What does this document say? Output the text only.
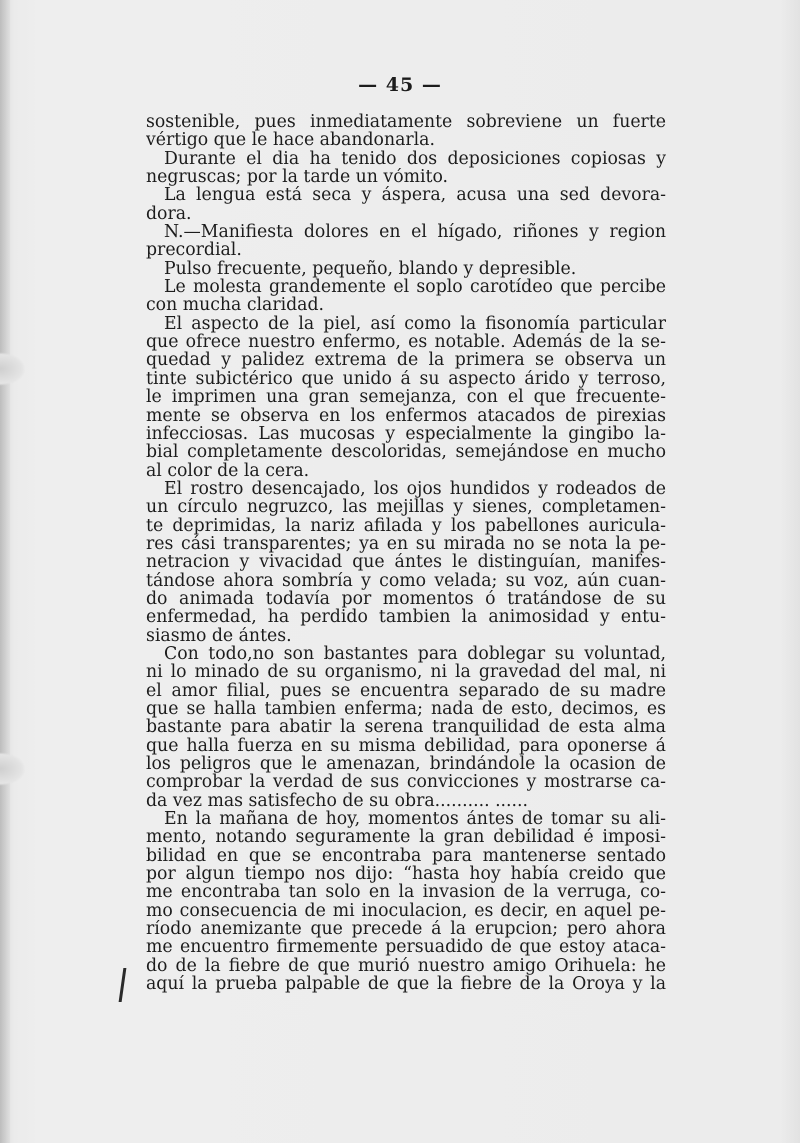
— 45 —
sostenible, pues inmediatamente sobreviene un fuerte
vértigo que le hace abandonarla.
Durante el dia ha tenido dos deposiciones copiosas y
negruscas; por la tarde un vómito.
La lengua está seca y áspera, acusa una sed devora-
dora.
N.—Manifiesta dolores en el hígado, riñones y region
precordial.
Pulso frecuente, pequeño, blando y depresible.
Le molesta grandemente el soplo carotídeo que percibe
con mucha claridad.
El aspecto de la piel, así como la fisonomía particular
que ofrece nuestro enfermo, es notable. Además de la se-
quedad y palidez extrema de la primera se observa un
tinte subictérico que unido á su aspecto árido y terroso,
le imprimen una gran semejanza, con el que frecuente-
mente se observa en los enfermos atacados de pirexias
infecciosas. Las mucosas y especialmente la gingibo la-
bial completamente descoloridas, semejándose en mucho
al color de la cera.
El rostro desencajado, los ojos hundidos y rodeados de
un círculo negruzco, las mejillas y sienes, completamen-
te deprimidas, la nariz afilada y los pabellones auricula-
res cási transparentes; ya en su mirada no se nota la pe-
netracion y vivacidad que ántes le distinguían, manifes-
tándose ahora sombría y como velada; su voz, aún cuan-
do animada todavía por momentos ó tratándose de su
enfermedad, ha perdido tambien la animosidad y entu-
siasmo de ántes.
Con todo,no son bastantes para doblegar su voluntad,
ni lo minado de su organismo, ni la gravedad del mal, ni
el amor filial, pues se encuentra separado de su madre
que se halla tambien enferma; nada de esto, decimos, es
bastante para abatir la serena tranquilidad de esta alma
que halla fuerza en su misma debilidad, para oponerse á
los peligros que le amenazan, brindándole la ocasion de
comprobar la verdad de sus convicciones y mostrarse ca-
da vez mas satisfecho de su obra.......... ......
En la mañana de hoy, momentos ántes de tomar su ali-
mento, notando seguramente la gran debilidad é imposi-
bilidad en que se encontraba para mantenerse sentado
por algun tiempo nos dijo: “hasta hoy había creido que
me encontraba tan solo en la invasion de la verruga, co-
mo consecuencia de mi inoculacion, es decir, en aquel pe-
ríodo anemizante que precede á la erupcion; pero ahora
me encuentro firmemente persuadido de que estoy ataca-
do de la fiebre de que murió nuestro amigo Orihuela: he
aquí la prueba palpable de que la fiebre de la Oroya y la
